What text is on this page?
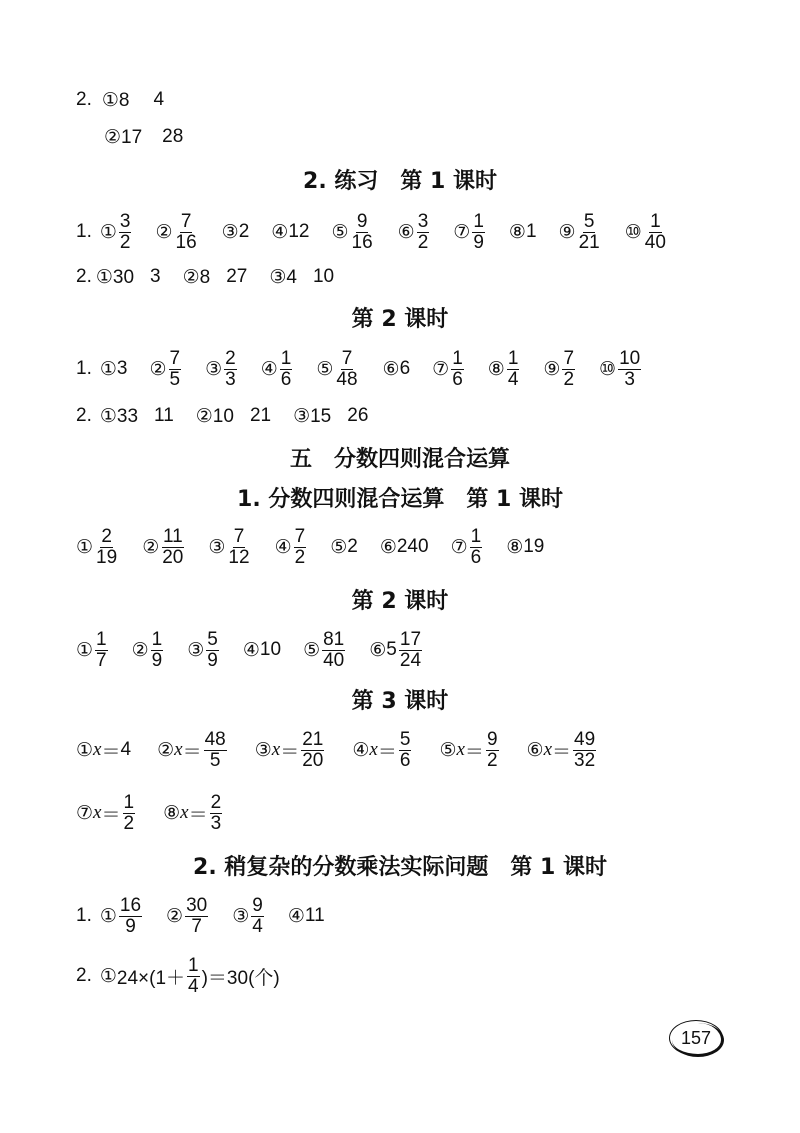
2. ①8 4
②17 28
2. 练习　第 1 课时
1. ① $\frac{3}{2}$ ② $\frac{7}{16}$ ③ 2 ④ 12 ⑤ $\frac{9}{16}$ ⑥ $\frac{3}{2}$ ⑦ $\frac{1}{9}$ ⑧ 1 ⑨ $\frac{5}{21}$ ⑩ $\frac{1}{40}$
2. ①30 3 ②8 27 ③4 10
第 2 课时
1. ① 3 ② $\frac{7}{5}$ ③ $\frac{2}{3}$ ④ $\frac{1}{6}$ ⑤ $\frac{7}{48}$ ⑥ 6 ⑦ $\frac{1}{6}$ ⑧ $\frac{1}{4}$ ⑨ $\frac{7}{2}$ ⑩ $\frac{10}{3}$
2. ①33 11 ②10 21 ③15 26
五　分数四则混合运算
1. 分数四则混合运算　第 1 课时
① $\frac{2}{19}$ ② $\frac{11}{20}$ ③ $\frac{7}{12}$ ④ $\frac{7}{2}$ ⑤ 2 ⑥ 240 ⑦ $\frac{1}{6}$ ⑧ 19
第 2 课时
① $\frac{1}{7}$ ② $\frac{1}{9}$ ③ $\frac{5}{9}$ ④ 10 ⑤ $\frac{81}{40}$ ⑥ $5 \frac{17}{24}$
第 3 课时
① x ＝ 4 ② $x = \frac{48}{5}$ ③ $x = \frac{21}{20}$ ④ $x = \frac{5}{6}$ ⑤ $x = \frac{9}{2}$ ⑥ $x = \frac{49}{32}$
⑦ $x = \frac{1}{2}$ ⑧ $x = \frac{2}{3}$
2. 稍复杂的分数乘法实际问题　第 1 课时
1. ① $\frac{16}{9}$ ② $\frac{30}{7}$ ③ $\frac{9}{4}$ ④ 11
2. ① $24\times(1+ \frac{1}{4} )=30$(个)
157
